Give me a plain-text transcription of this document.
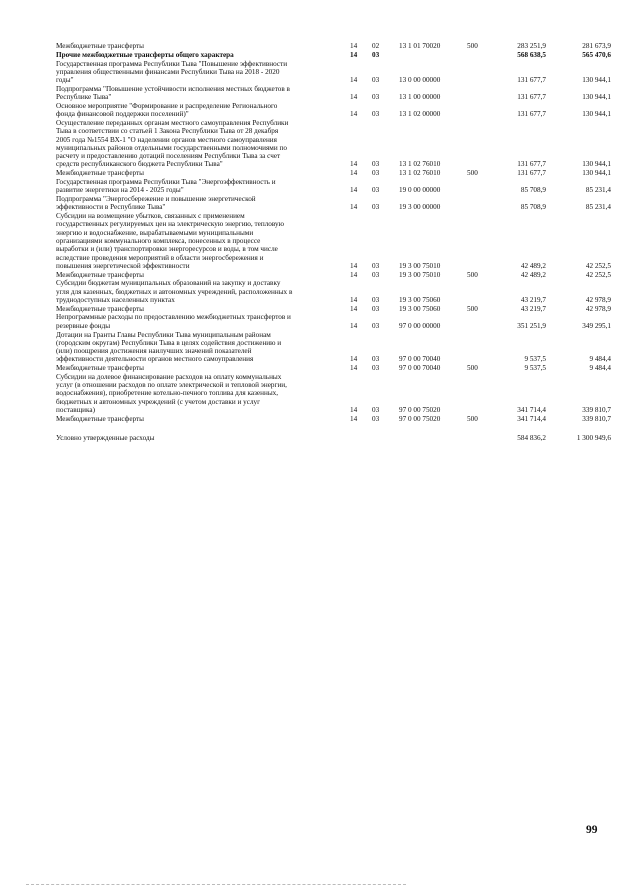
Межбюджетные трансферты	14	02	13 1 01 70020	500	283 251,9	281 673,9
Прочие межбюджетные трансферты общего характера	14	03	568 638,5	565 470,6
Государственная программа Республики Тыва "Повышение эффективности
управления общественными финансами Республики Тыва на 2018 - 2020
годы"	14	03	13 0 00 00000	131 677,7	130 944,1
Подпрограмма "Повышение устойчивости исполнения местных бюджетов в
Республике Тыва"	14	03	13 1 00 00000	131 677,7	130 944,1
Основное мероприятие "Формирование и распределение Регионального
фонда финансовой поддержки поселений)"	14	03	13 1 02 00000	131 677,7	130 944,1
Осуществление переданных органам местного самоуправления Республики
Тыва в соответствии со статьей 1 Закона Республики Тыва от 28 декабря
2005 года №1554 ВХ-1 "О наделении органов местного самоуправления
муниципальных районов отдельными государственными полномочиями по
расчету и предоставлению дотаций поселениям Республики Тыва за счет
средств республиканского бюджета Республики Тыва"	14	03	13 1 02 76010	131 677,7	130 944,1
Межбюджетные трансферты	14	03	13 1 02 76010	500	131 677,7	130 944,1
Государственная программа Республики Тыва "Энергоэффективность и
развитие энергетики на 2014 - 2025 годы"	14	03	19 0 00 00000	85 708,9	85 231,4
Подпрограмма "Энергосбережение и повышение энергетической
эффективности в Республике Тыва"	14	03	19 3 00 00000	85 708,9	85 231,4
Субсидии на возмещение убытков, связанных с применением
государственных регулируемых цен на электрическую энергию, тепловую
энергию и водоснабжение, вырабатываемыми муниципальными
организациями коммунального комплекса, понесенных в процессе
выработки и (или) транспортировки энергоресурсов и воды, в том числе
вследствие проведения мероприятий в области энергосбережения и
повышения энергетической эффективности	14	03	19 3 00 75010	42 489,2	42 252,5
Межбюджетные трансферты	14	03	19 3 00 75010	500	42 489,2	42 252,5
Субсидии бюджетам муниципальных образований на закупку и доставку
угля для казенных, бюджетных и автономных учреждений, расположенных в
труднодоступных населенных пунктах	14	03	19 3 00 75060	43 219,7	42 978,9
Межбюджетные трансферты	14	03	19 3 00 75060	500	43 219,7	42 978,9
Непрограммные расходы по предоставлению межбюджетных трансфертов и
резервные фонды	14	03	97 0 00 00000	351 251,9	349 295,1
Дотации на Гранты Главы Республики Тыва муниципальным районам
(городским округам) Республики Тыва в целях содействия достижению и
(или) поощрения достижения наилучших значений показателей
эффективности деятельности органов местного самоуправления	14	03	97 0 00 70040	9 537,5	9 484,4
Межбюджетные трансферты	14	03	97 0 00 70040	500	9 537,5	9 484,4
Субсидии на долевое финансирование расходов на оплату коммунальных
услуг (в отношении расходов по оплате электрической и тепловой энергии,
водоснабжения), приобретение котельно-печного топлива для казенных,
бюджетных и автономных учреждений (с учетом доставки и услуг
поставщика)	14	03	97 0 00 75020	341 714,4	339 810,7
Межбюджетные трансферты	14	03	97 0 00 75020	500	341 714,4	339 810,7
Условно утвержденные расходы	584 836,2	1 300 949,6
99
